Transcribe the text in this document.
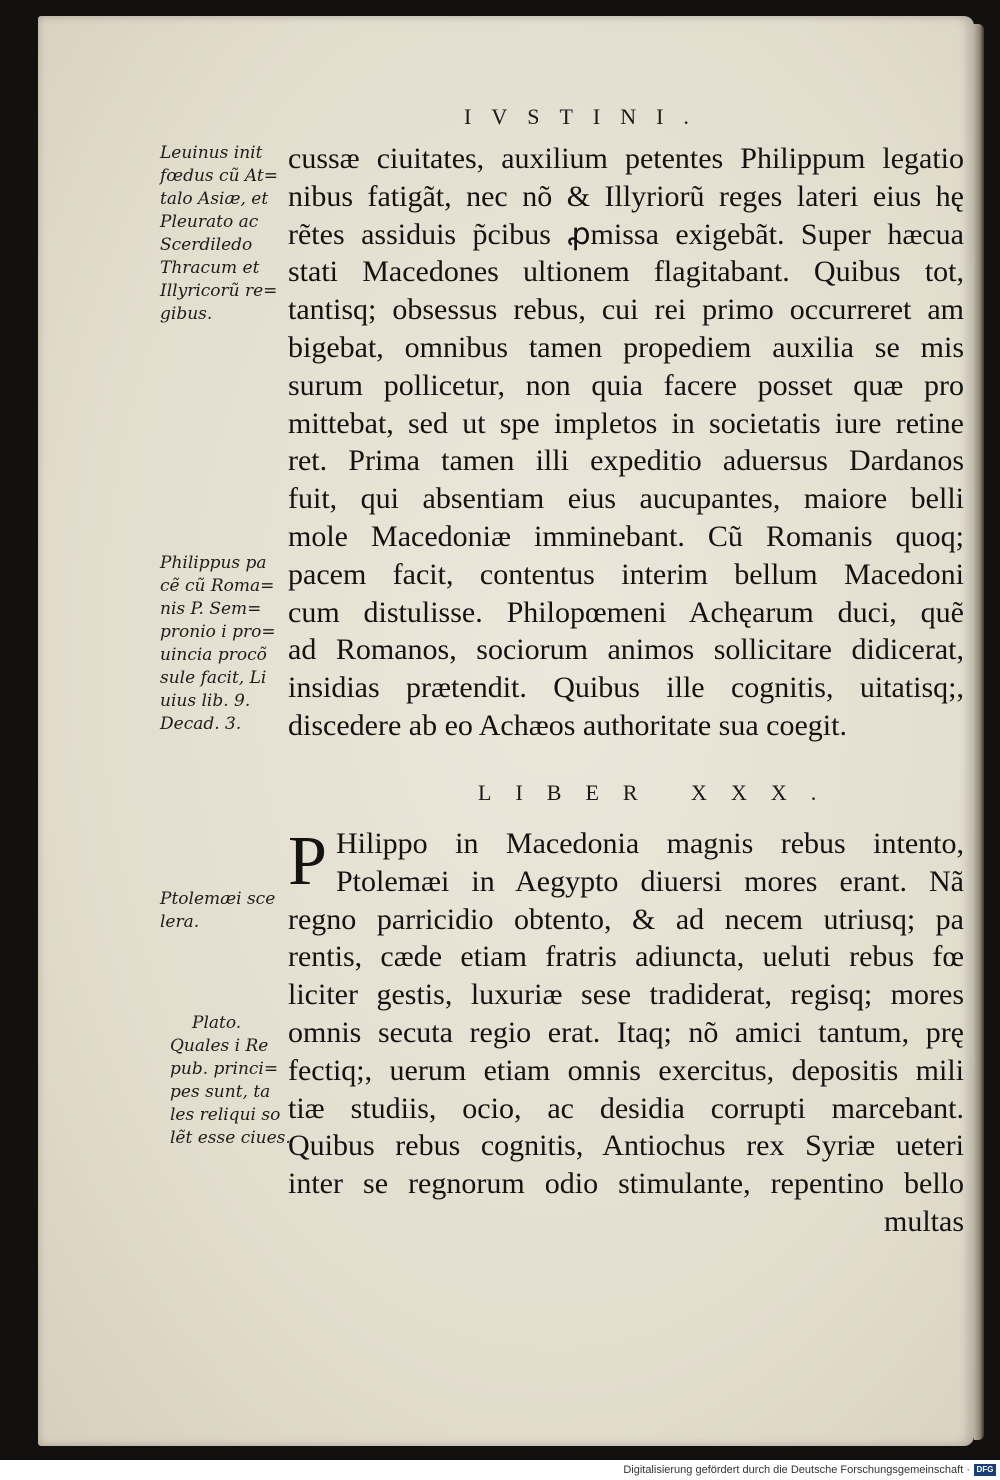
IVSTINI.
cussæ ciuitates, auxilium petentes Philippum legatio
nibus fatigãt, nec nõ & Illyriorũ reges lateri eius hę
rẽtes assiduis p̃cibus ꝓmissa exigebãt. Super hæcua
stati Macedones ultionem flagitabant. Quibus tot,
tantisq; obsessus rebus, cui rei primo occurreret am
bigebat, omnibus tamen propediem auxilia se mis
surum pollicetur, non quia facere posset quæ pro
mittebat, sed ut spe impletos in societatis iure retine
ret. Prima tamen illi expeditio aduersus Dardanos
fuit, qui absentiam eius aucupantes, maiore belli
mole Macedoniæ imminebant. Cũ Romanis quoq;
pacem facit, contentus interim bellum Macedoni
cum distulisse. Philopœmeni Achęarum duci, quẽ
ad Romanos, sociorum animos sollicitare didicerat,
insidias prætendit. Quibus ille cognitis, uitatisq;,
discedere ab eo Achæos authoritate sua coegit.
LIBER XXX.
P Hilippo in Macedonia magnis rebus intento,
Ptolemæi in Aegypto diuersi mores erant. Nã
regno parricidio obtento, & ad necem utriusq; pa
rentis, cæde etiam fratris adiuncta, ueluti rebus fœ
liciter gestis, luxuriæ sese tradiderat, regisq; mores
omnis secuta regio erat. Itaq; nõ amici tantum, prę
fectiq;, uerum etiam omnis exercitus, depositis mili
tiæ studiis, ocio, ac desidia corrupti marcebant.
Quibus rebus cognitis, Antiochus rex Syriæ ueteri
inter se regnorum odio stimulante, repentino bello
multas
Leuinus init
fœdus cũ At=
talo Asiæ, et
Pleurato ac
Scerdiledo
Thracum et
Illyricorũ re=
gibus.
Philippus pa
cẽ cũ Roma=
nis P. Sem=
pronio i pro=
uincia procõ
sule facit, Li
uius lib. 9.
Decad. 3.
Ptolemæi sce
lera.
Plato.
Quales i Re
pub. princi=
pes sunt, ta
les reliqui so
lẽt esse ciues.
Digitalisierung gefördert durch die Deutsche Forschungsgemeinschaft · DFG
